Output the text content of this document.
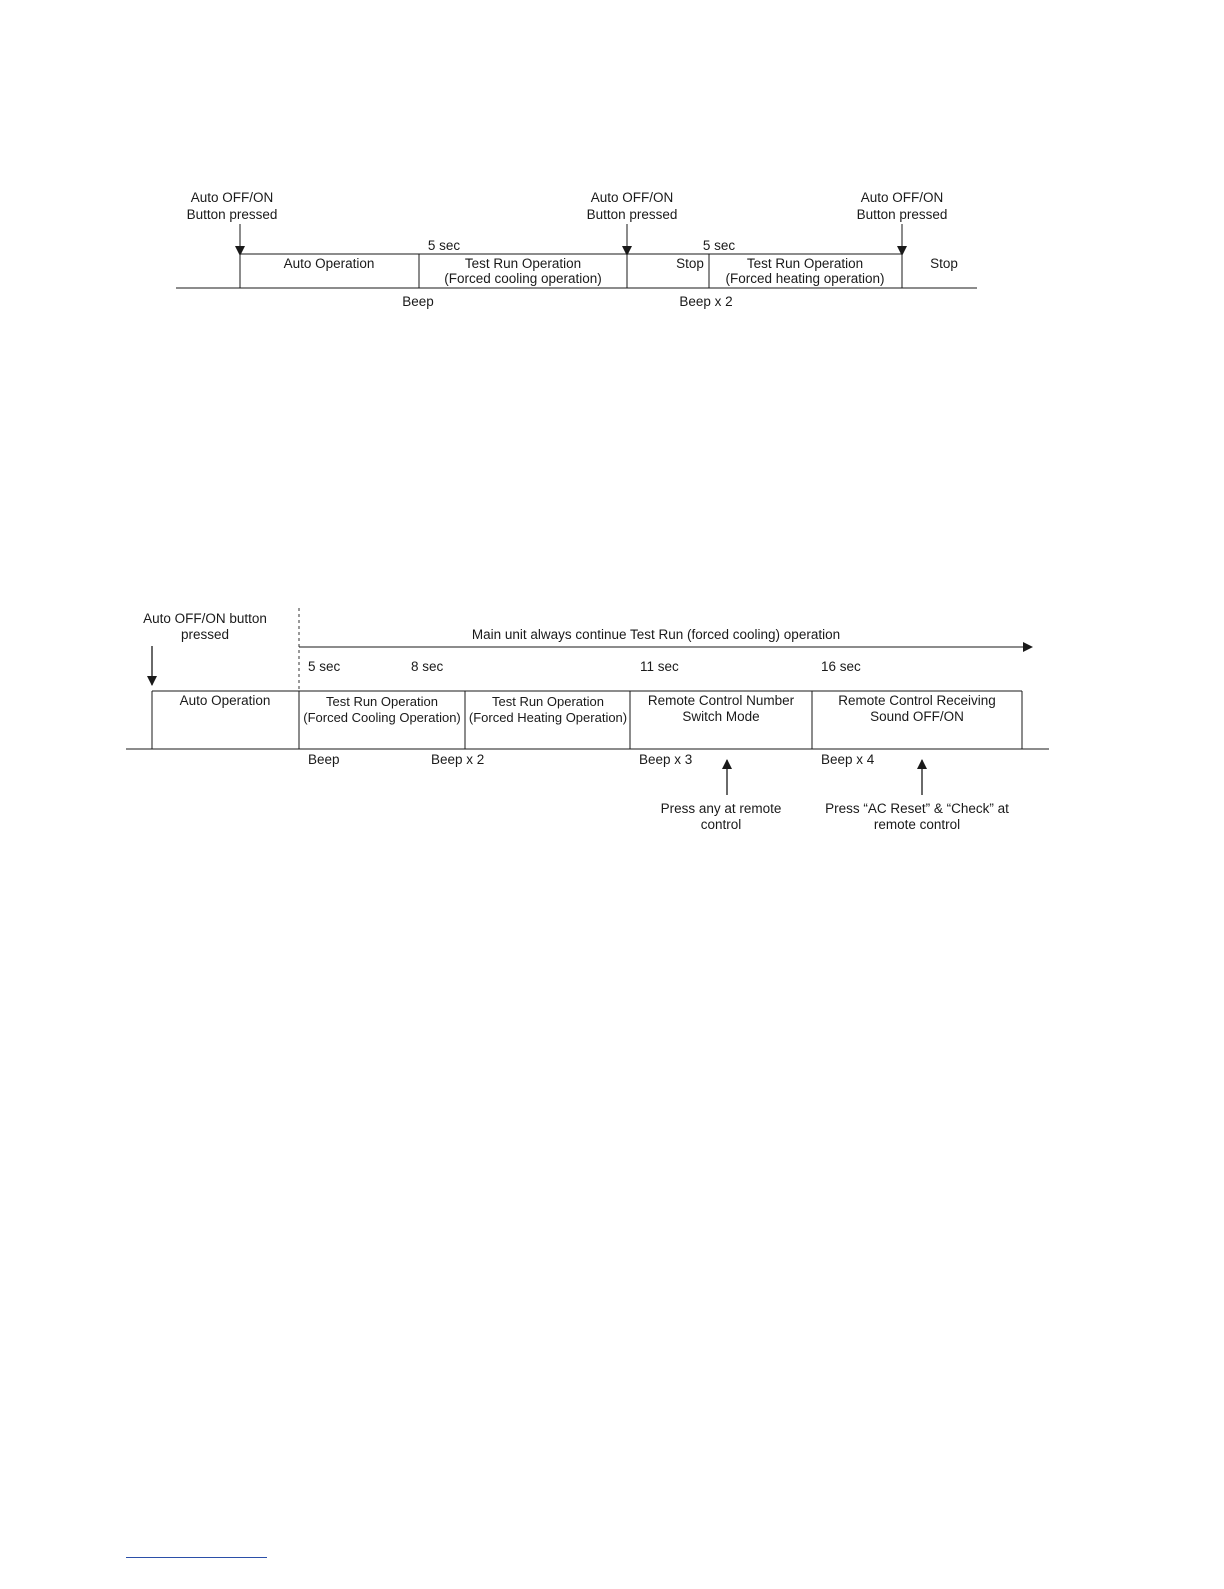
Auto OFF/ON
Button pressed
Auto OFF/ON
Button pressed
Auto OFF/ON
Button pressed
5 sec	5 sec
Auto Operation	Test Run Operation
(Forced cooling operation)
Stop	Test Run Operation
(Forced heating operation)
Stop
Beep	Beep x 2
Auto OFF/ON button
pressed	Main unit always continue Test Run (forced cooling) operation
5 sec	8 sec	11 sec	16 sec
Auto Operation	Test Run Operation
(Forced Cooling Operation)
Test Run Operation
(Forced Heating Operation)
Remote Control Number
Switch Mode
Remote Control Receiving
Sound OFF/ON
Beep	Beep x 2	Beep x 3	Beep x 4
Press any at remote
control
Press “AC Reset” & “Check” at
remote control
